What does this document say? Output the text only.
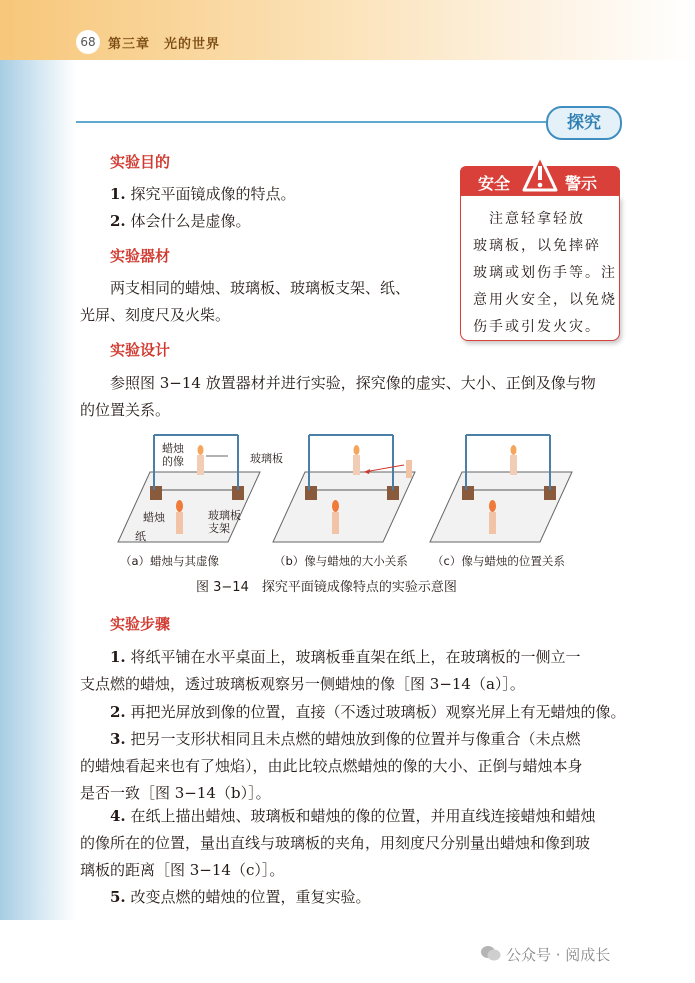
68 第三章　光的世界
探究
实验目的
1. 探究平面镜成像的特点。
2. 体会什么是虚像。
实验器材
两支相同的蜡烛、玻璃板、玻璃板支架、纸、
光屏、刻度尺及火柴。
安全	警示
　注意轻拿轻放
玻璃板，以免摔碎
玻璃或划伤手等。注
意用火安全，以免烧
伤手或引发火灾。
实验设计
参照图 3−14 放置器材并进行实验，探究像的虚实、大小、正倒及像与物
的位置关系。
蜡烛
的像	玻璃板
蜡烛	玻璃板
支架
纸
（a）蜡烛与其虚像	（b）像与蜡烛的大小关系 （c）像与蜡烛的位置关系
图 3−14　探究平面镜成像特点的实验示意图
实验步骤
1. 将纸平铺在水平桌面上，玻璃板垂直架在纸上，在玻璃板的一侧立一
支点燃的蜡烛，透过玻璃板观察另一侧蜡烛的像［图 3−14（a）］。
2. 再把光屏放到像的位置，直接（不透过玻璃板）观察光屏上有无蜡烛的像。
3. 把另一支形状相同且未点燃的蜡烛放到像的位置并与像重合（未点燃
的蜡烛看起来也有了烛焰），由此比较点燃蜡烛的像的大小、正倒与蜡烛本身
是否一致［图 3−14（b）］。
4. 在纸上描出蜡烛、玻璃板和蜡烛的像的位置，并用直线连接蜡烛和蜡烛
的像所在的位置，量出直线与玻璃板的夹角，用刻度尺分别量出蜡烛和像到玻
璃板的距离［图 3−14（c）］。
5. 改变点燃的蜡烛的位置，重复实验。
公众号 · 阅成长
